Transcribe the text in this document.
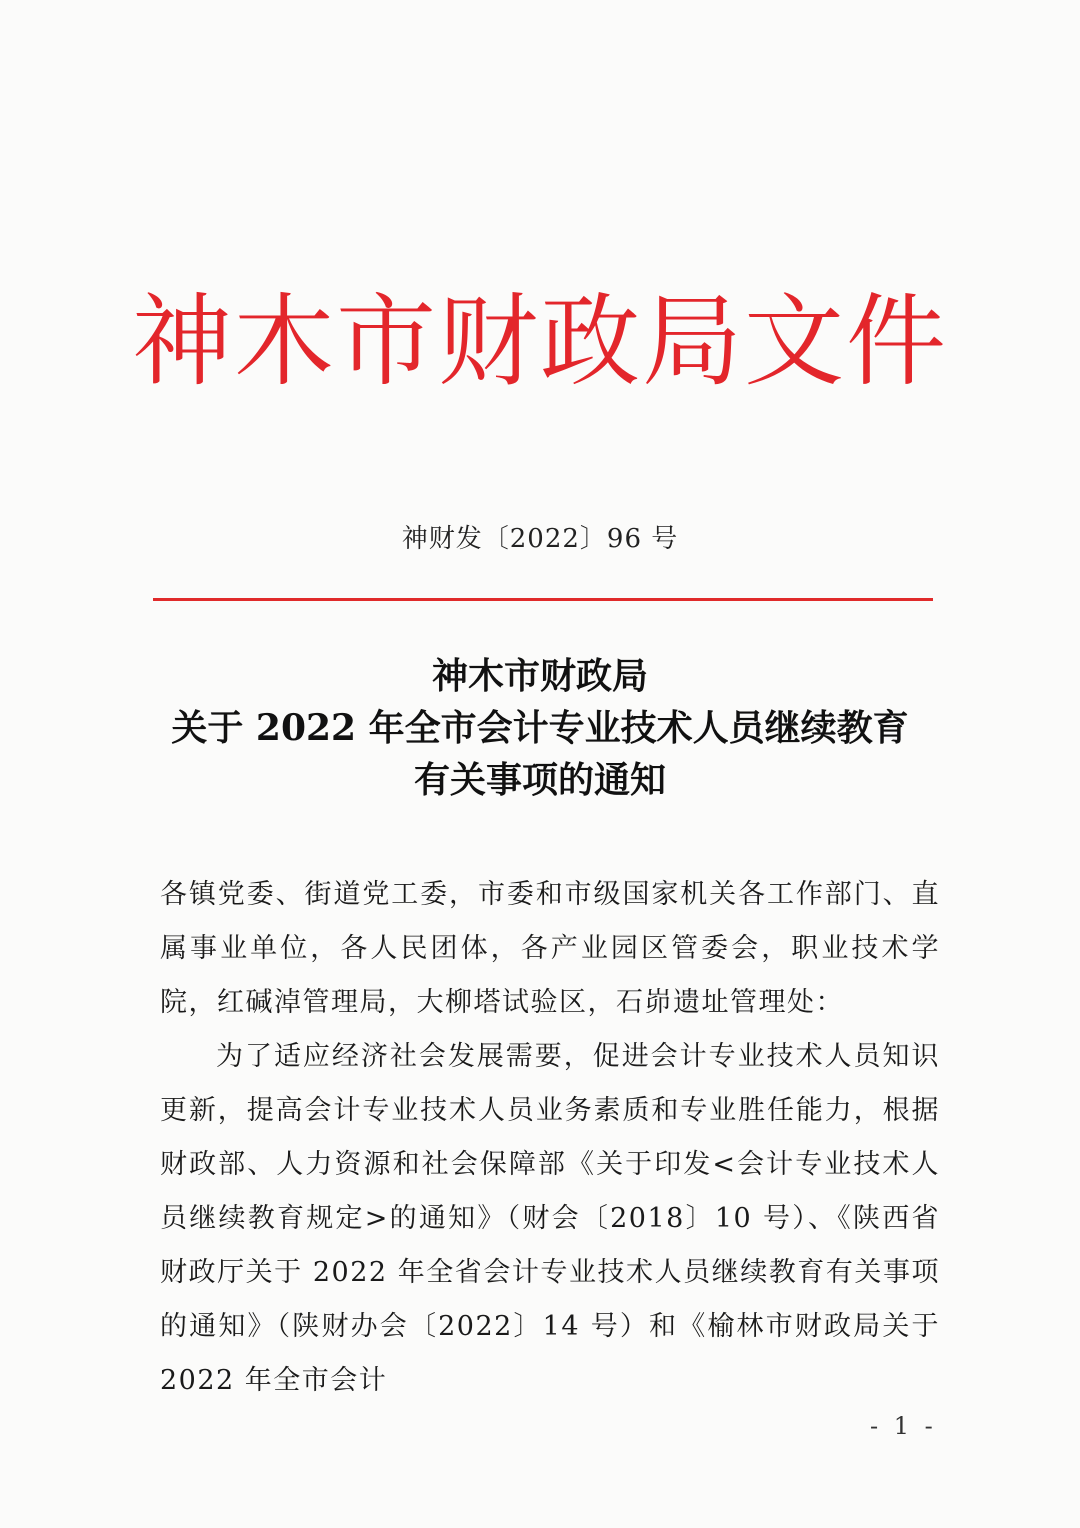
神木市财政局文件
神财发〔2022〕96 号
神木市财政局
关于 2022 年全市会计专业技术人员继续教育
有关事项的通知

各镇党委、街道党工委，市委和市级国家机关各工作部门、直属事业单位，各人民团体，各产业园区管委会，职业技术学院，红碱淖管理局，大柳塔试验区，石峁遗址管理处：

为了适应经济社会发展需要，促进会计专业技术人员知识更新，提高会计专业技术人员业务素质和专业胜任能力，根据财政部、人力资源和社会保障部《关于印发<会计专业技术人员继续教育规定>的通知》（财会〔2018〕10 号）、《陕西省财政厅关于 2022 年全省会计专业技术人员继续教育有关事项的通知》（陕财办会〔2022〕14 号）和《榆林市财政局关于 2022 年全市会计

- 1 -
